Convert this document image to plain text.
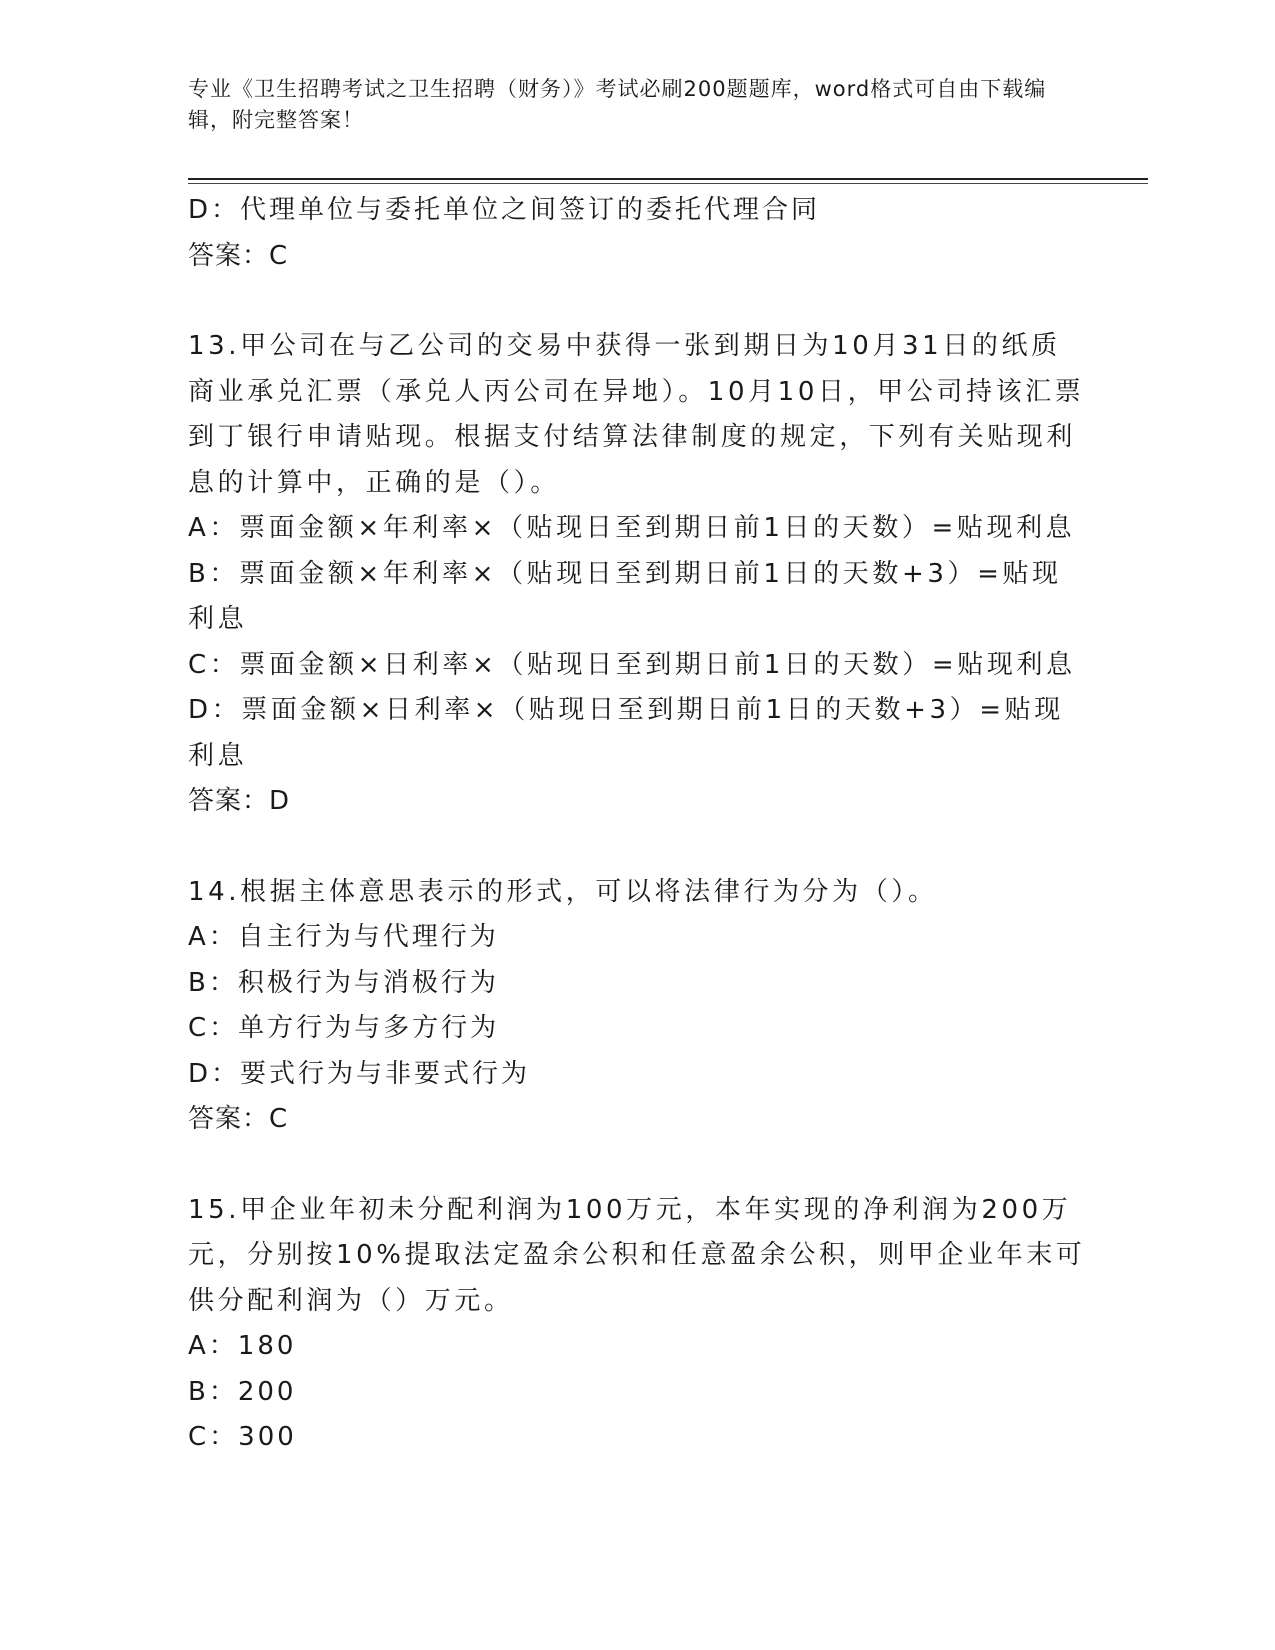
专业《卫生招聘考试之卫生招聘（财务）》考试必刷200题题库，word格式可自由下载编辑，附完整答案！

D：代理单位与委托单位之间签订的委托代理合同

答案：C

13.甲公司在与乙公司的交易中获得一张到期日为10月31日的纸质商业承兑汇票（承兑人丙公司在异地）。10月10日，甲公司持该汇票到丁银行申请贴现。根据支付结算法律制度的规定，下列有关贴现利息的计算中，正确的是（）。

A：票面金额×年利率×（贴现日至到期日前1日的天数）=贴现利息

B：票面金额×年利率×（贴现日至到期日前1日的天数+3）=贴现利息

C：票面金额×日利率×（贴现日至到期日前1日的天数）=贴现利息

D：票面金额×日利率×（贴现日至到期日前1日的天数+3）=贴现利息

答案：D

14.根据主体意思表示的形式，可以将法律行为分为（）。

A：自主行为与代理行为

B：积极行为与消极行为

C：单方行为与多方行为

D：要式行为与非要式行为

答案：C

15.甲企业年初未分配利润为100万元，本年实现的净利润为200万元，分别按10%提取法定盈余公积和任意盈余公积，则甲企业年末可供分配利润为（）万元。

A：180

B：200

C：300
